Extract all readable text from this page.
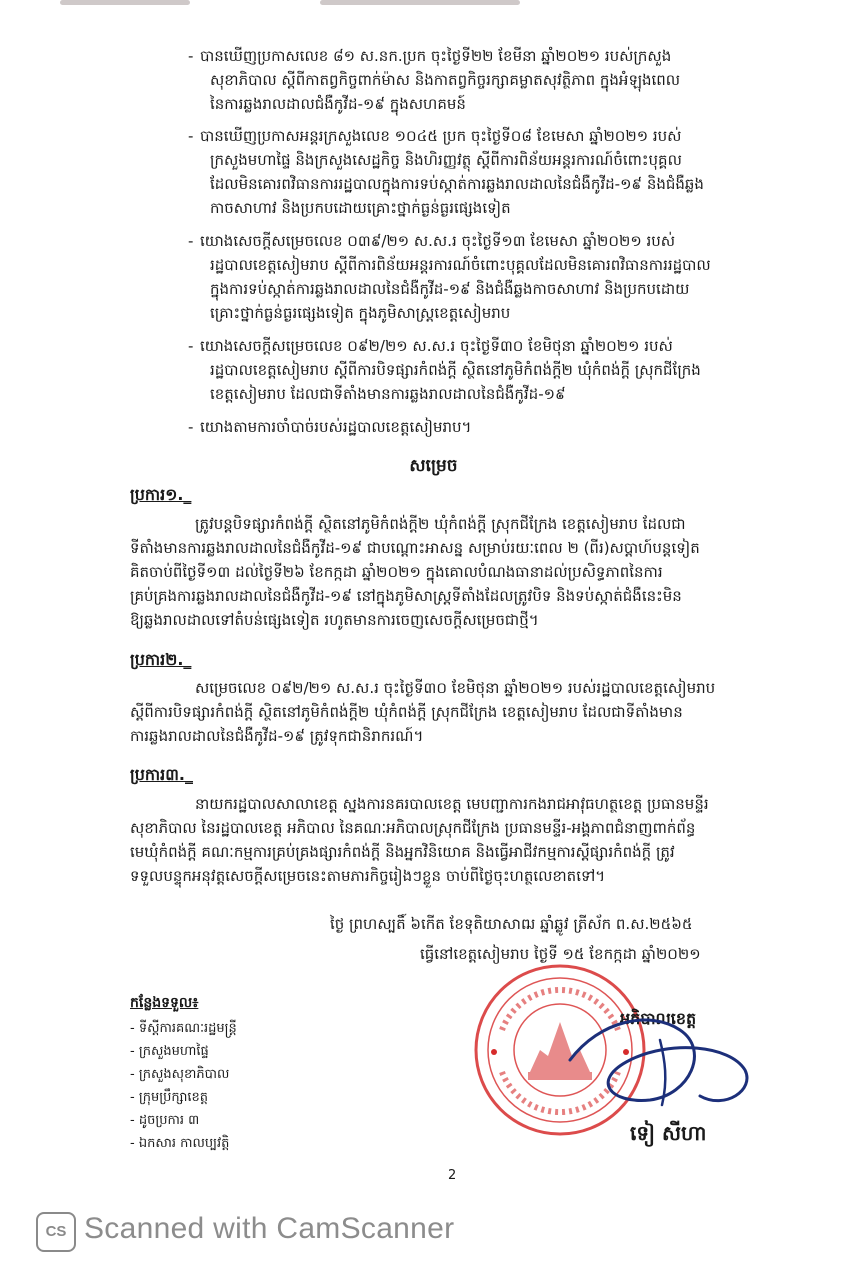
- បានឃើញប្រកាសលេខ ៨១ ស.នក.ប្រក ចុះថ្ងៃទី២២ ខែមីនា ឆ្នាំ២០២១ របស់ក្រសួង
សុខាភិបាល ស្ដីពីកាតព្វកិច្ចពាក់ម៉ាស និងកាតព្វកិច្ចរក្សាគម្លាតសុវត្ថិភាព ក្នុងអំឡុងពេល
នៃការឆ្លងរាលដាលជំងឺកូវីដ-១៩ ក្នុងសហគមន៍
- បានឃើញប្រកាសអន្តរក្រសួងលេខ ១០៤៥ ប្រក ចុះថ្ងៃទី០៨ ខែមេសា ឆ្នាំ២០២១ របស់
ក្រសួងមហាផ្ទៃ និងក្រសួងសេដ្ឋកិច្ច និងហិរញ្ញវត្ថុ ស្ដីពីការពិន័យអន្តរការណ៍ចំពោះបុគ្គល
ដែលមិនគោរពវិធានការរដ្ឋបាលក្នុងការទប់ស្កាត់ការឆ្លងរាលដាលនៃជំងឺកូវីដ-១៩ និងជំងឺឆ្លង
កាចសាហាវ និងប្រកបដោយគ្រោះថ្នាក់ធ្ងន់ធ្ងរផ្សេងទៀត
- យោងសេចក្ដីសម្រេចលេខ ០៣៩/២១ ស.ស.រ ចុះថ្ងៃទី១៣ ខែមេសា ឆ្នាំ២០២១ របស់
រដ្ឋបាលខេត្តសៀមរាប ស្ដីពីការពិន័យអន្តរការណ៍ចំពោះបុគ្គលដែលមិនគោរពវិធានការរដ្ឋបាល
ក្នុងការទប់ស្កាត់ការឆ្លងរាលដាលនៃជំងឺកូវីដ-១៩ និងជំងឺឆ្លងកាចសាហាវ និងប្រកបដោយ
គ្រោះថ្នាក់ធ្ងន់ធ្ងរផ្សេងទៀត ក្នុងភូមិសាស្ត្រខេត្តសៀមរាប
- យោងសេចក្ដីសម្រេចលេខ ០៩២/២១ ស.ស.រ ចុះថ្ងៃទី៣០ ខែមិថុនា ឆ្នាំ២០២១ របស់
រដ្ឋបាលខេត្តសៀមរាប ស្ដីពីការបិទផ្សារកំពង់ក្ដី ស្ថិតនៅភូមិកំពង់ក្ដី២ ឃុំកំពង់ក្ដី ស្រុកជីក្រែង
ខេត្តសៀមរាប ដែលជាទីតាំងមានការឆ្លងរាលដាលនៃជំងឺកូវីដ-១៩
- យោងតាមការចាំបាច់របស់រដ្ឋបាលខេត្តសៀមរាប។
សម្រេច
ប្រការ១._
ត្រូវបន្តបិទផ្សារកំពង់ក្ដី ស្ថិតនៅភូមិកំពង់ក្ដី២ ឃុំកំពង់ក្ដី ស្រុកជីក្រែង ខេត្តសៀមរាប ដែលជា
ទីតាំងមានការឆ្លងរាលដាលនៃជំងឺកូវីដ-១៩ ជាបណ្ដោះអាសន្ន សម្រាប់រយៈពេល ២ (ពីរ)សប្ដាហ៍បន្តទៀត
គិតចាប់ពីថ្ងៃទី១៣ ដល់ថ្ងៃទី២៦ ខែកក្កដា ឆ្នាំ២០២១ ក្នុងគោលបំណងធានាដល់ប្រសិទ្ធភាពនៃការ
គ្រប់គ្រងការឆ្លងរាលដាលនៃជំងឺកូវីដ-១៩ នៅក្នុងភូមិសាស្ត្រទីតាំងដែលត្រូវបិទ និងទប់ស្កាត់ជំងឺនេះមិន
ឱ្យឆ្លងរាលដាលទៅតំបន់ផ្សេងទៀត រហូតមានការចេញសេចក្ដីសម្រេចជាថ្មី។
ប្រការ២._
សម្រេចលេខ ០៩២/២១ ស.ស.រ ចុះថ្ងៃទី៣០ ខែមិថុនា ឆ្នាំ២០២១ របស់រដ្ឋបាលខេត្តសៀមរាប
ស្ដីពីការបិទផ្សារកំពង់ក្ដី ស្ថិតនៅភូមិកំពង់ក្ដី២ ឃុំកំពង់ក្ដី ស្រុកជីក្រែង ខេត្តសៀមរាប ដែលជាទីតាំងមាន
ការឆ្លងរាលដាលនៃជំងឺកូវីដ-១៩ ត្រូវទុកជានិរាករណ៍។
ប្រការ៣._
នាយករដ្ឋបាលសាលាខេត្ត ស្នងការនគរបាលខេត្ត មេបញ្ជាការកងរាជអាវុធហត្ថខេត្ត ប្រធានមន្ទីរ
សុខាភិបាល នៃរដ្ឋបាលខេត្ត អភិបាល នៃគណៈអភិបាលស្រុកជីក្រែង ប្រធានមន្ទីរ-អង្គភាពជំនាញពាក់ព័ន្ធ
មេឃុំកំពង់ក្ដី គណៈកម្មការគ្រប់គ្រងផ្សារកំពង់ក្ដី និងអ្នកវិនិយោគ និងធ្វើអាជីវកម្មការស្ដីផ្សារកំពង់ក្ដី ត្រូវ
ទទួលបន្ទុកអនុវត្តសេចក្ដីសម្រេចនេះតាមភារកិច្ចរៀងៗខ្លួន ចាប់ពីថ្ងៃចុះហត្ថលេខាតទៅ។
ថ្ងៃ ព្រហស្បតិ៍ ៦កើត ខែទុតិយាសាឍ ឆ្នាំឆ្លូវ ត្រីស័ក ព.ស.២៥៦៥
ធ្វើនៅខេត្តសៀមរាប ថ្ងៃទី ១៥ ខែកក្កដា ឆ្នាំ២០២១
អភិបាលខេត្ត
កន្លែងទទួល៖
- ទីស្ដីការគណៈរដ្ឋមន្ត្រី
- ក្រសួងមហាផ្ទៃ
- ក្រសួងសុខាភិបាល
- ក្រុមប្រឹក្សាខេត្ត
- ដូចប្រការ ៣
- ឯកសារ កាលប្បវត្តិ	ទៀ សីហា
2
CS Scanned with CamScanner
